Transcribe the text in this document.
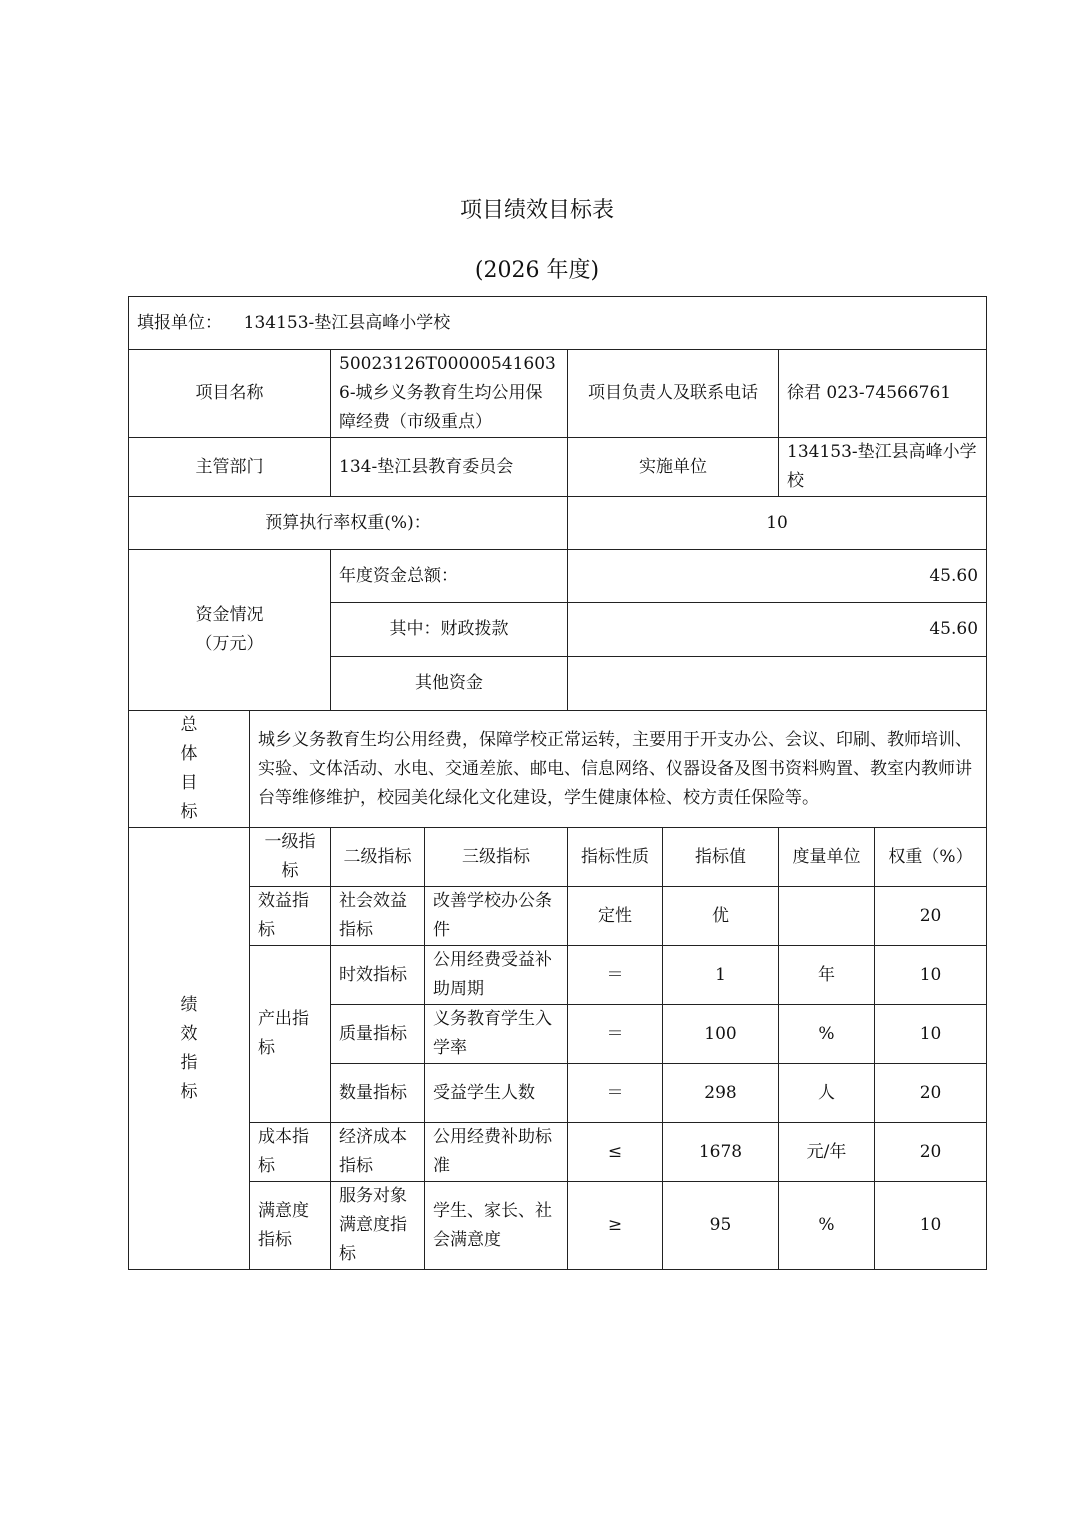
项目绩效目标表
(2026 年度)
填报单位： 134153-垫江县高峰小学校							
项目名称		50023126T000005416036-城乡义务教育生均公用保障经费（市级重点）		项目负责人及联系电话		徐君 023-74566761	
主管部门		134-垫江县教育委员会		实施单位		134153-垫江县高峰小学校	
预算执行率权重(%)：				10			

资金情况
（万元）		年度资金总额：		45.60			
		其中：财政拨款		45.60			
		其他资金					

总
体
目
标	城乡义务教育生均公用经费，保障学校正常运转，主要用于开支办公、会议、印刷、教师培训、实验、文体活动、水电、交通差旅、邮电、信息网络、仪器设备及图书资料购置、教室内教师讲台等维修维护，校园美化绿化文化建设，学生健康体检、校方责任保险等。						

绩
效
指
标	一级指标	二级指标	三级指标	指标性质	指标值	度量单位	权重（%）
	效益指标	社会效益指标	改善学校办公条件	定性	优		20
	产出指标	时效指标	公用经费受益补助周期	＝	1	年	10
		质量指标	义务教育学生入学率	＝	100	%	10
		数量指标	受益学生人数	＝	298	人	20
	成本指标	经济成本指标	公用经费补助标准	≤	1678	元/年	20
	满意度指标	服务对象满意度指标	学生、家长、社会满意度	≥	95	%	10
